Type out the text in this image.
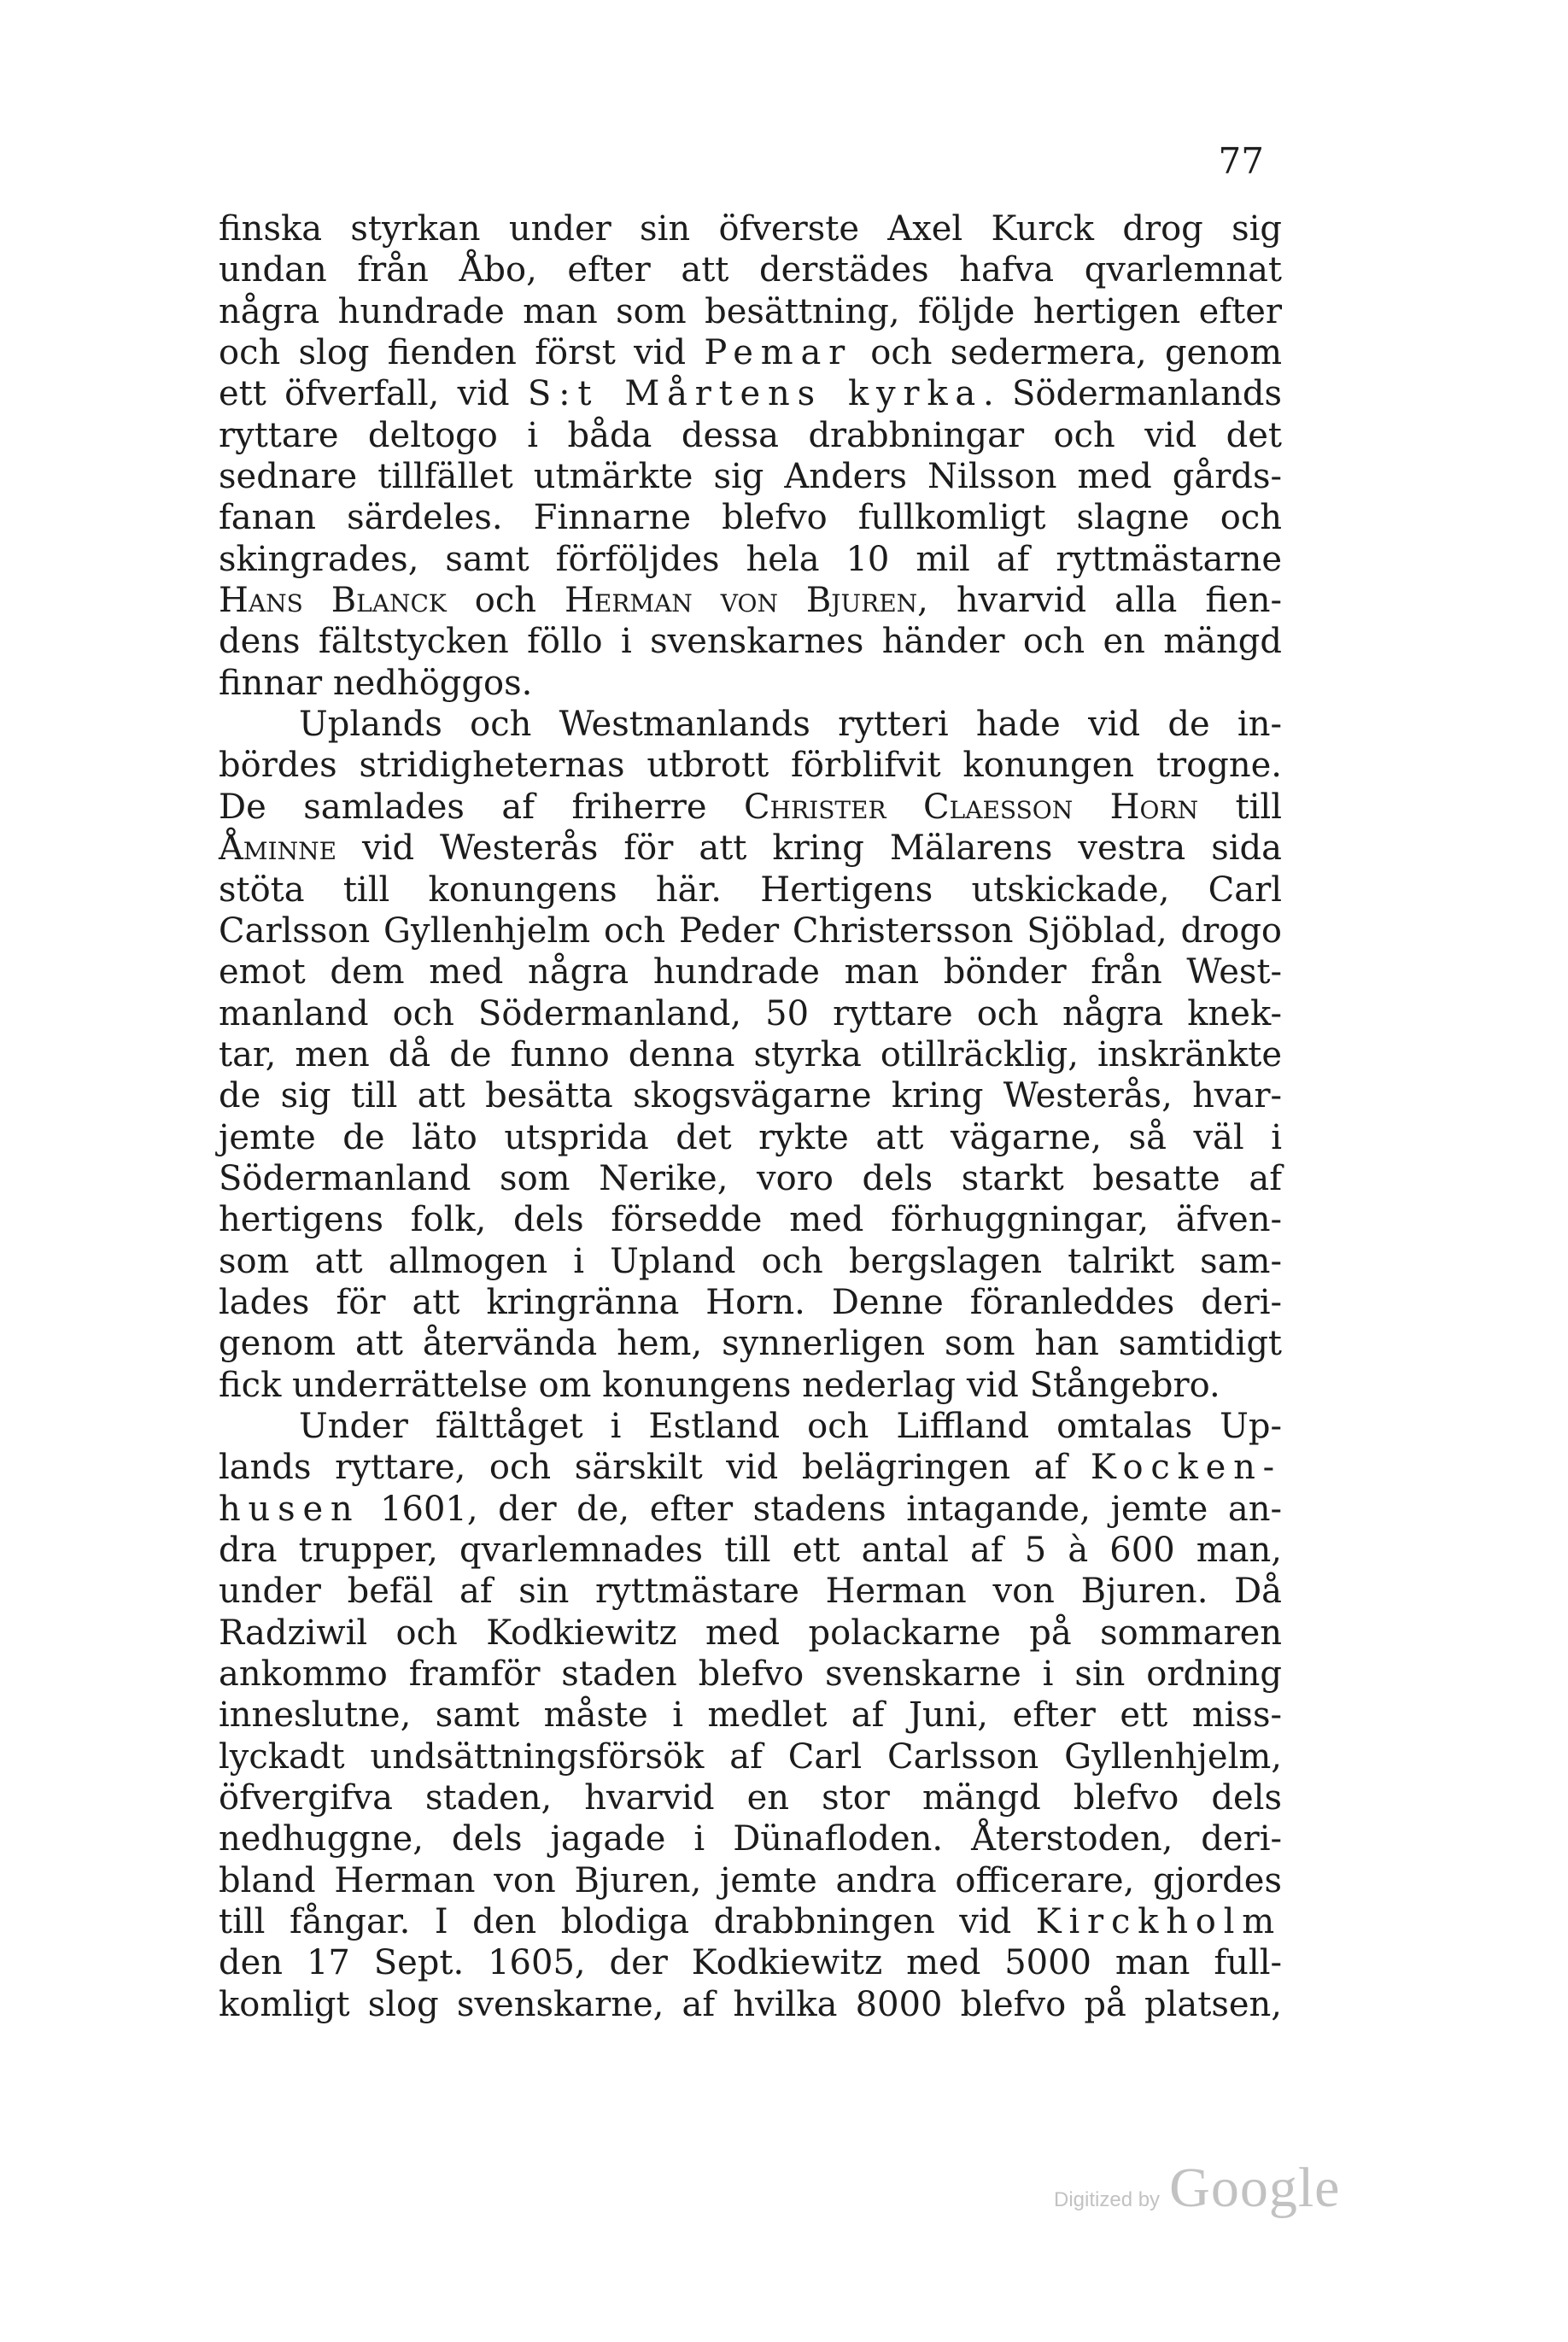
77
finska styrkan under sin öfverste Axel Kurck drog sig
undan från Åbo, efter att derstädes hafva qvarlemnat
några hundrade man som besättning, följde hertigen efter
och slog fienden först vid Pemar och sedermera, genom
ett öfverfall, vid S:t Mårtens kyrka. Södermanlands
ryttare deltogo i båda dessa drabbningar och vid det
sednare tillfället utmärkte sig Anders Nilsson med gårds-
fanan särdeles. Finnarne blefvo fullkomligt slagne och
skingrades, samt förföljdes hela 10 mil af ryttmästarne
Hans Blanck och Herman von Bjuren, hvarvid alla fien-
dens fältstycken föllo i svenskarnes händer och en mängd
finnar nedhöggos.
Uplands och Westmanlands rytteri hade vid de in-
bördes stridigheternas utbrott förblifvit konungen trogne.
De samlades af friherre Christer Claesson Horn till
Åminne vid Westerås för att kring Mälarens vestra sida
stöta till konungens här. Hertigens utskickade, Carl
Carlsson Gyllenhjelm och Peder Christersson Sjöblad, drogo
emot dem med några hundrade man bönder från West-
manland och Södermanland, 50 ryttare och några knek-
tar, men då de funno denna styrka otillräcklig, inskränkte
de sig till att besätta skogsvägarne kring Westerås, hvar-
jemte de läto utsprida det rykte att vägarne, så väl i
Södermanland som Nerike, voro dels starkt besatte af
hertigens folk, dels försedde med förhuggningar, äfven-
som att allmogen i Upland och bergslagen talrikt sam-
lades för att kringränna Horn. Denne föranleddes deri-
genom att återvända hem, synnerligen som han samtidigt
fick underrättelse om konungens nederlag vid Stångebro.
Under fälttåget i Estland och Liffland omtalas Up-
lands ryttare, och särskilt vid belägringen af Kocken-
husen 1601, der de, efter stadens intagande, jemte an-
dra trupper, qvarlemnades till ett antal af 5 à 600 man,
under befäl af sin ryttmästare Herman von Bjuren. Då
Radziwil och Kodkiewitz med polackarne på sommaren
ankommo framför staden blefvo svenskarne i sin ordning
inneslutne, samt måste i medlet af Juni, efter ett miss-
lyckadt undsättningsförsök af Carl Carlsson Gyllenhjelm,
öfvergifva staden, hvarvid en stor mängd blefvo dels
nedhuggne, dels jagade i Dünafloden. Återstoden, deri-
bland Herman von Bjuren, jemte andra officerare, gjordes
till fångar. I den blodiga drabbningen vid Kirckholm
den 17 Sept. 1605, der Kodkiewitz med 5000 man full-
komligt slog svenskarne, af hvilka 8000 blefvo på platsen,
Digitized by Google
